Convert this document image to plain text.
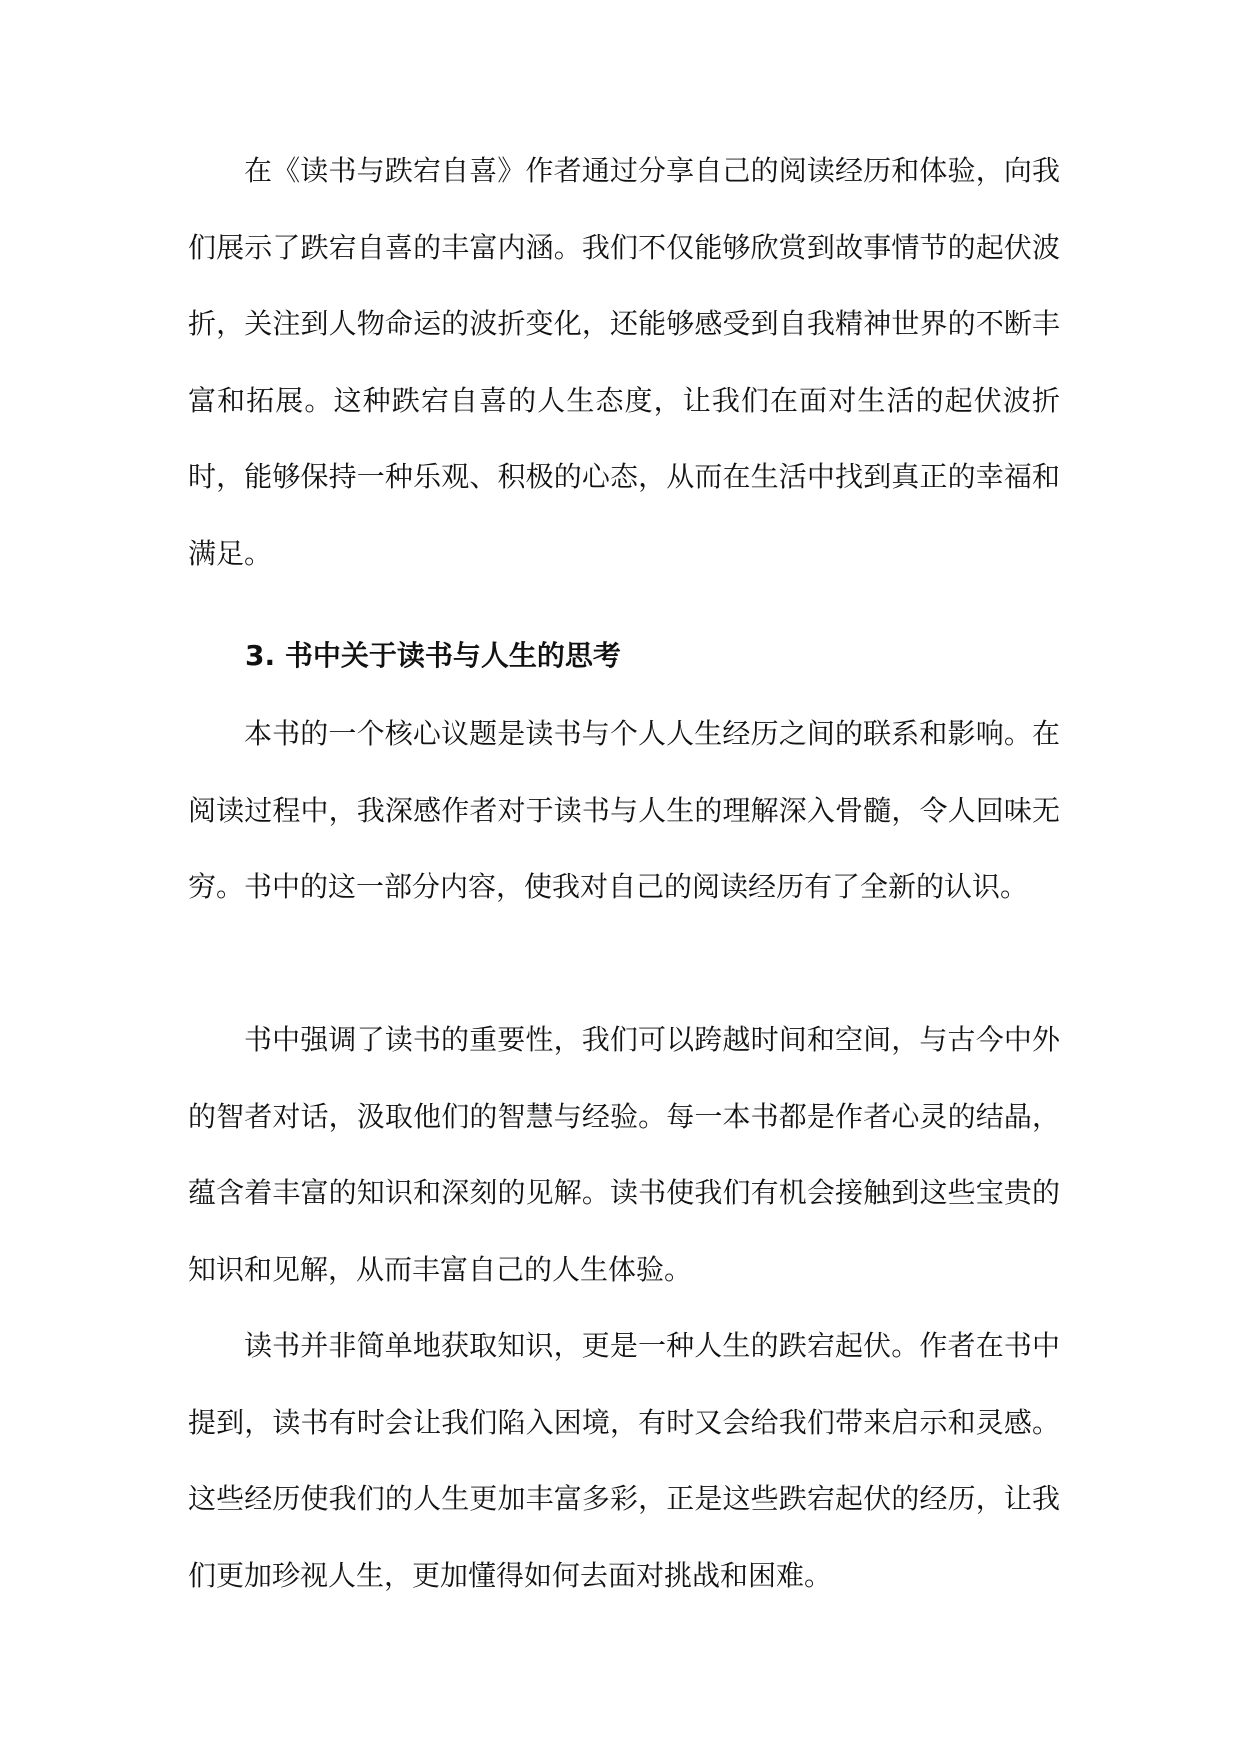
在《读书与跌宕自喜》作者通过分享自己的阅读经历和体验，向我们展示了跌宕自喜的丰富内涵。我们不仅能够欣赏到故事情节的起伏波折，关注到人物命运的波折变化，还能够感受到自我精神世界的不断丰富和拓展。这种跌宕自喜的人生态度，让我们在面对生活的起伏波折时，能够保持一种乐观、积极的心态，从而在生活中找到真正的幸福和满足。

3. 书中关于读书与人生的思考

本书的一个核心议题是读书与个人人生经历之间的联系和影响。在阅读过程中，我深感作者对于读书与人生的理解深入骨髓，令人回味无穷。书中的这一部分内容，使我对自己的阅读经历有了全新的认识。

书中强调了读书的重要性，我们可以跨越时间和空间，与古今中外的智者对话，汲取他们的智慧与经验。每一本书都是作者心灵的结晶，蕴含着丰富的知识和深刻的见解。读书使我们有机会接触到这些宝贵的知识和见解，从而丰富自己的人生体验。

读书并非简单地获取知识，更是一种人生的跌宕起伏。作者在书中提到，读书有时会让我们陷入困境，有时又会给我们带来启示和灵感。这些经历使我们的人生更加丰富多彩，正是这些跌宕起伏的经历，让我们更加珍视人生，更加懂得如何去面对挑战和困难。
